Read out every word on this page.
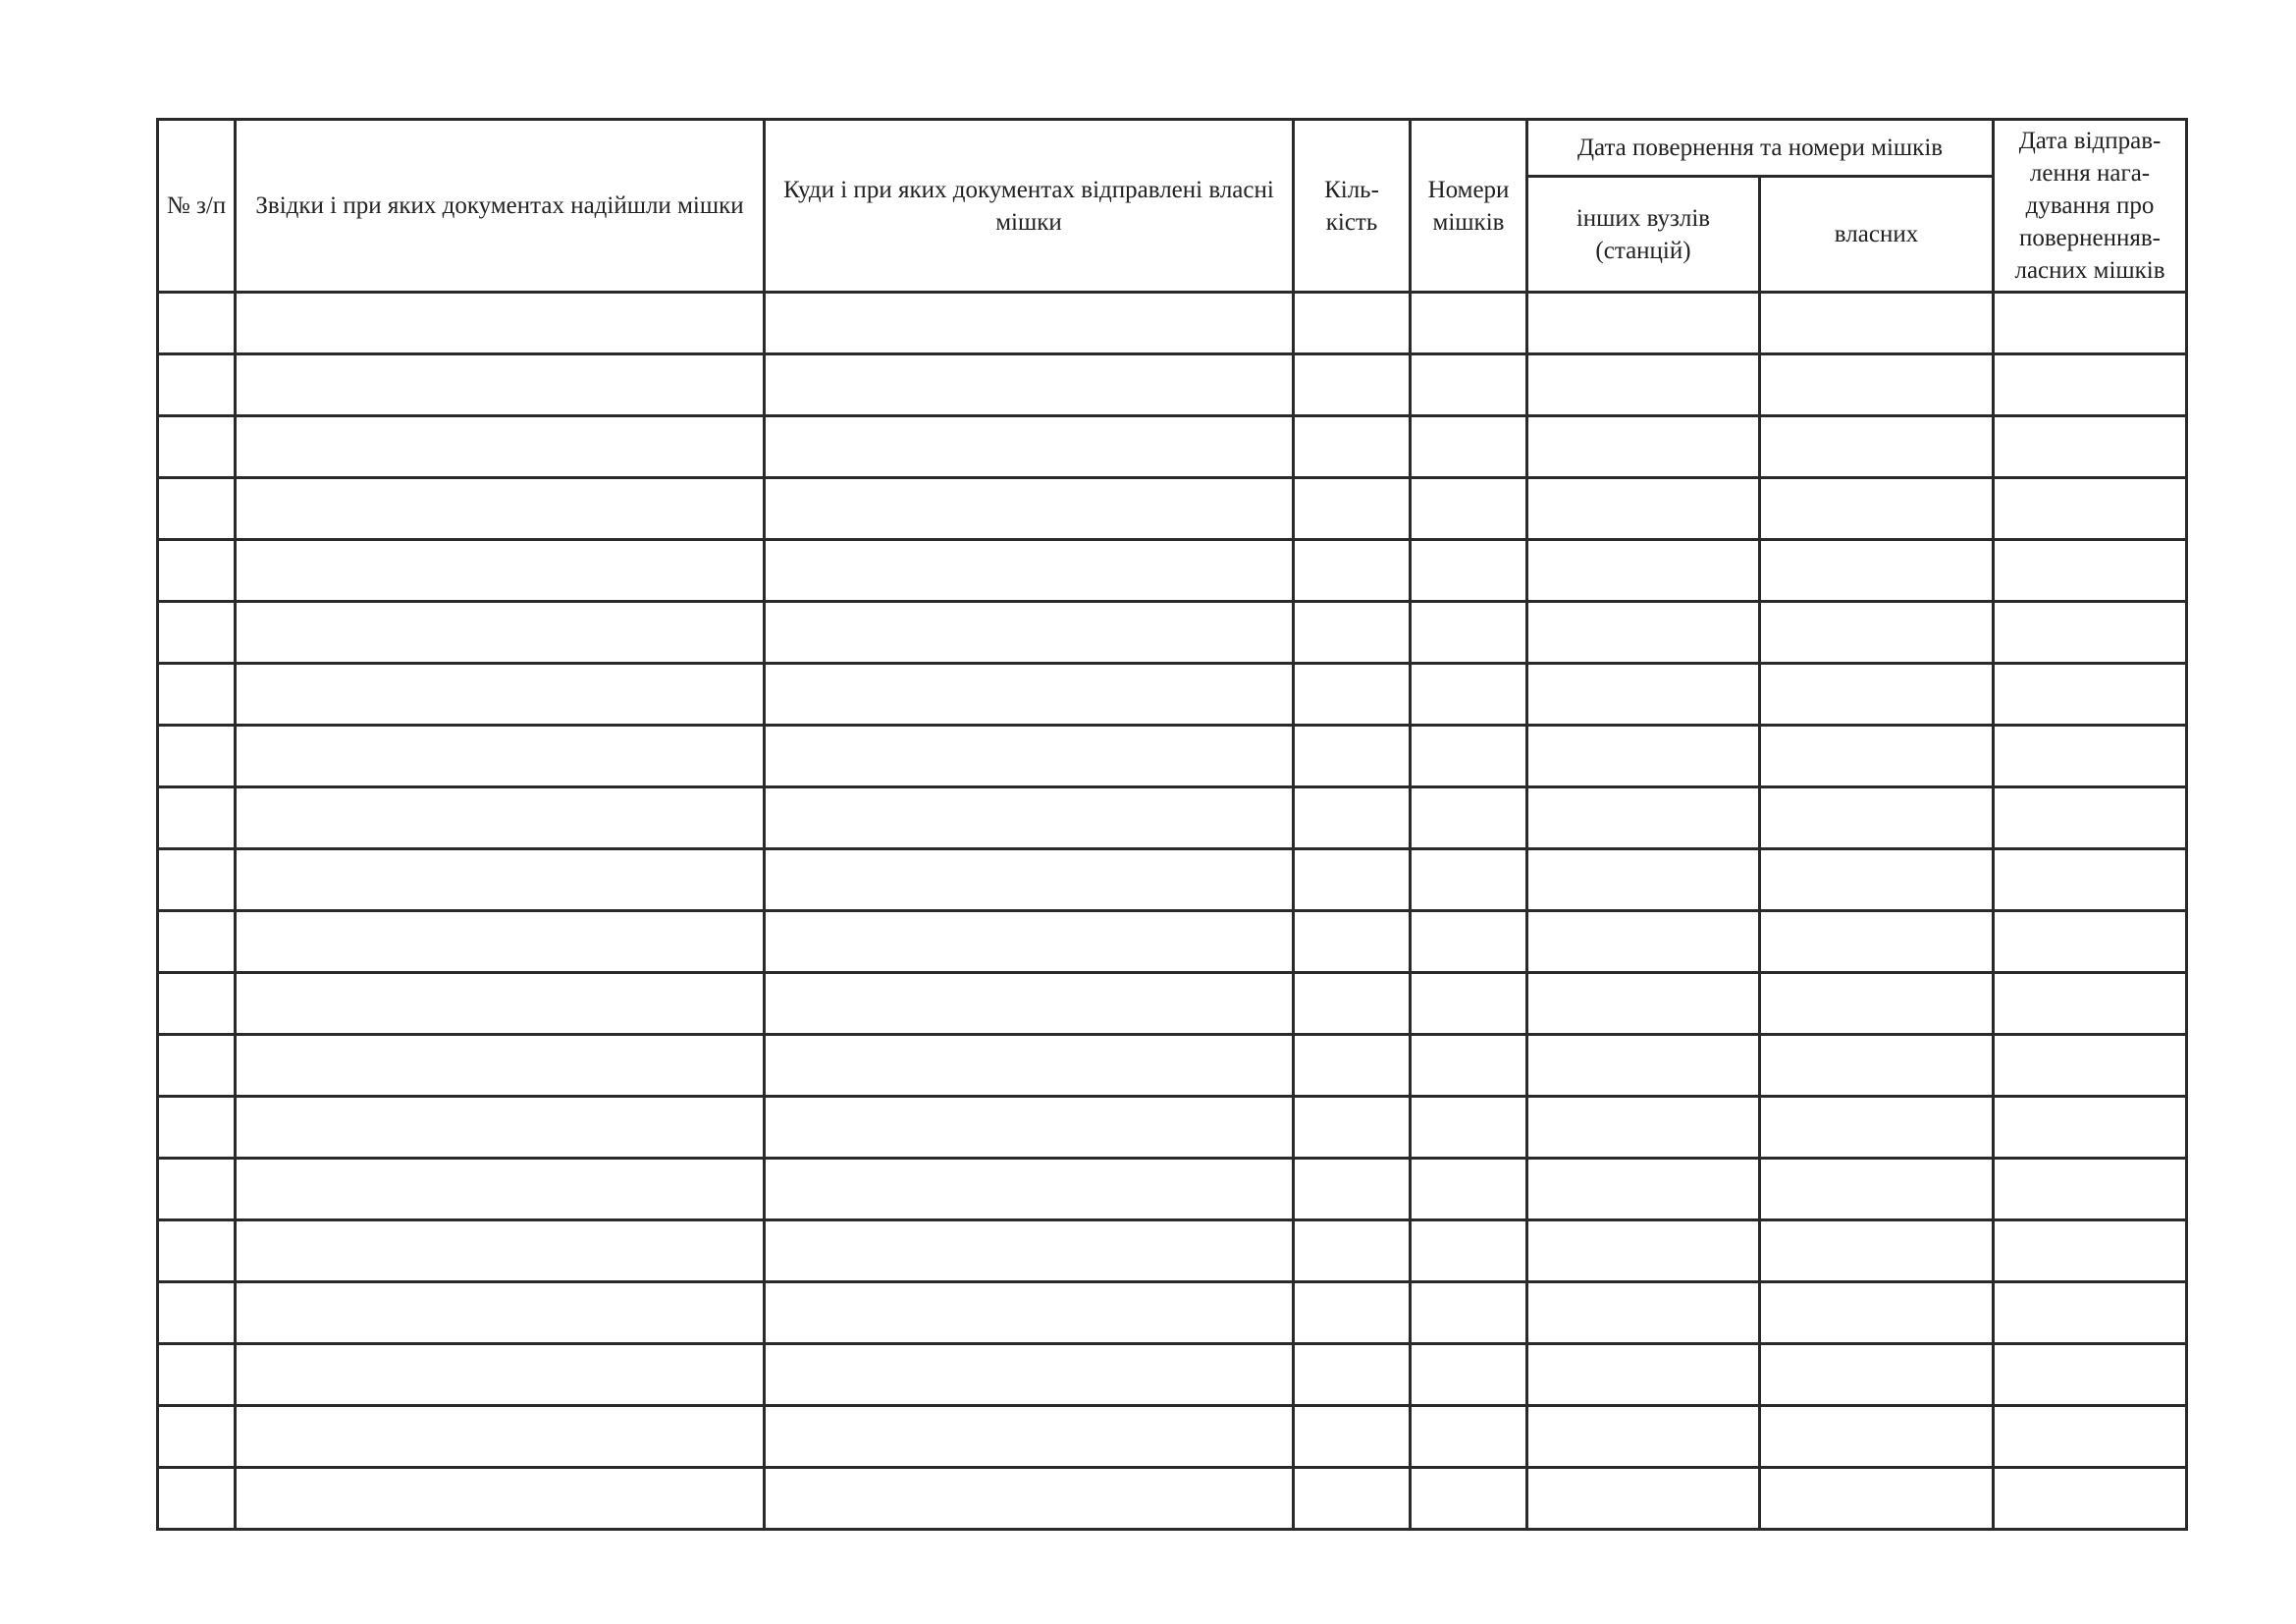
№ з/п	Звідки і при яких документах надійшли мішки	Куди і при яких документах відправлені власні мішки	Кіль-кість	Номери мішків	Дата повернення та номери мішків		Дата відправ-лення нага-дування про поверненняв-ласних мішків
					інших вузлів (станцій)	власних	
